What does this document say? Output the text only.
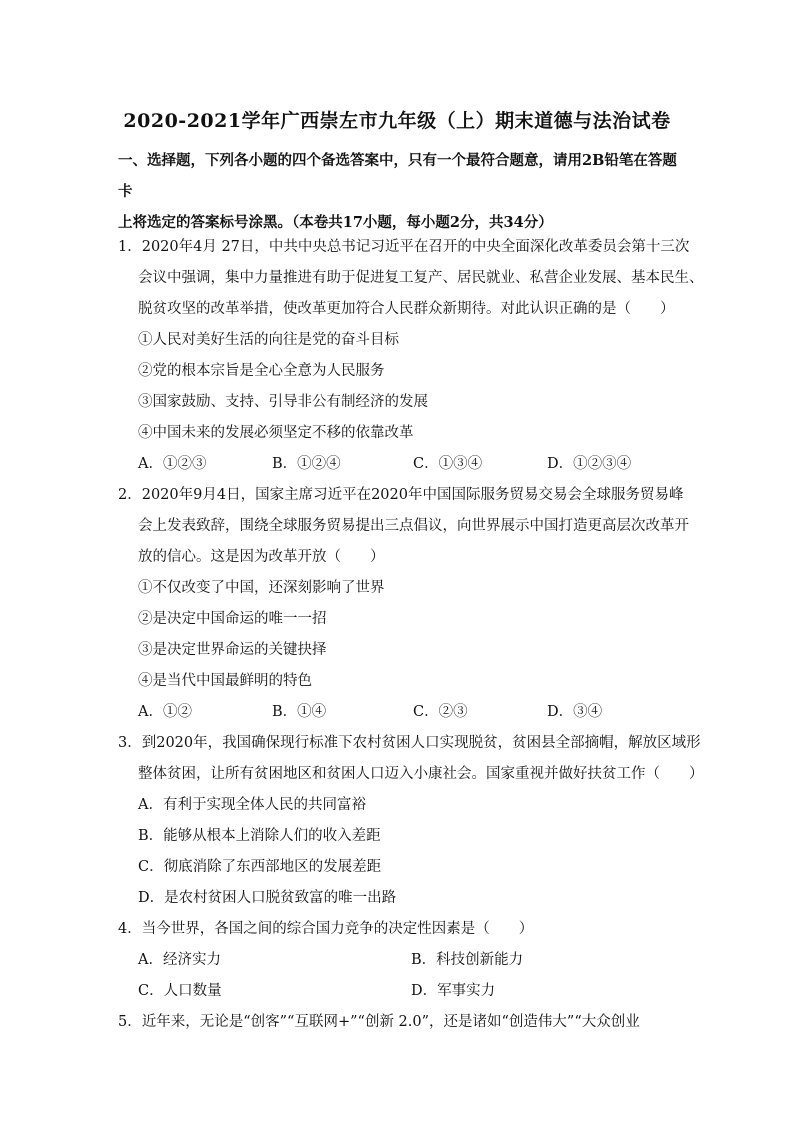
2020-2021学年广西崇左市九年级（上）期末道德与法治试卷
一、选择题，下列各小题的四个备选答案中，只有一个最符合题意，请用2B铅笔在答题卡
上将选定的答案标号涂黑。（本卷共17小题，每小题2分，共34分）
1．2020年4月 27日，中共中央总书记习近平在召开的中央全面深化改革委员会第十三次
会议中强调，集中力量推进有助于促进复工复产、居民就业、私营企业发展、基本民生、
脱贫攻坚的改革举措，使改革更加符合人民群众新期待。对此认识正确的是（　　）
①人民对美好生活的向往是党的奋斗目标
②党的根本宗旨是全心全意为人民服务
③国家鼓励、支持、引导非公有制经济的发展
④中国未来的发展必须坚定不移的依靠改革
A．①②③	B．①②④	C．①③④	D．①②③④
2．2020年9月4日，国家主席习近平在2020年中国国际服务贸易交易会全球服务贸易峰
会上发表致辞，围绕全球服务贸易提出三点倡议，向世界展示中国打造更高层次改革开
放的信心。这是因为改革开放（　　）
①不仅改变了中国，还深刻影响了世界
②是决定中国命运的唯一一招
③是决定世界命运的关键抉择
④是当代中国最鲜明的特色
A．①②	B．①④	C．②③	D．③④
3．到2020年，我国确保现行标准下农村贫困人口实现脱贫，贫困县全部摘帽，解放区域形
整体贫困，让所有贫困地区和贫困人口迈入小康社会。国家重视并做好扶贫工作（　　）
A．有利于实现全体人民的共同富裕
B．能够从根本上消除人们的收入差距
C．彻底消除了东西部地区的发展差距
D．是农村贫困人口脱贫致富的唯一出路
4．当今世界，各国之间的综合国力竞争的决定性因素是（　　）
A．经济实力	B．科技创新能力
C．人口数量	D．军事实力
5．近年来，无论是“创客”“互联网+”“创新 2.0”，还是诸如“创造伟大”“大众创业
